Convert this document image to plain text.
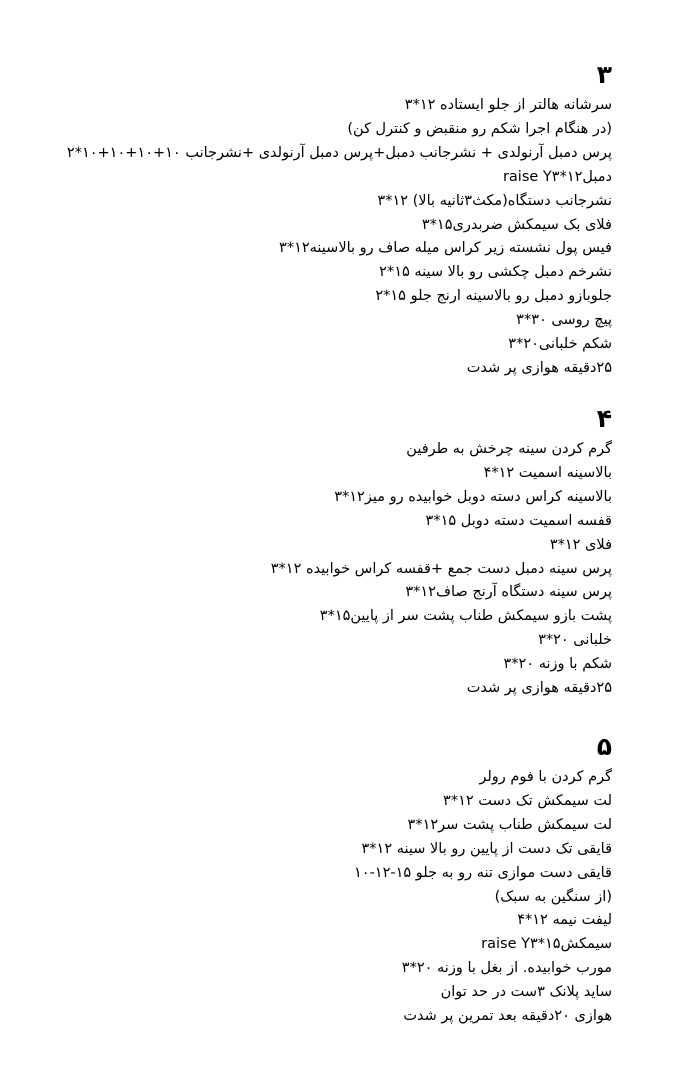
۳
سرشانه هالتر از جلو ایستاده ۱۲*۳
(در هنگام اجرا شکم رو منقبض و کنترل کن)
پرس دمبل آرنولدی + نشرجانب دمبل+پرس دمبل آرنولدی +نشرجانب ۱۰+۱۰+۱۰+۱۰*۲
raise Yدمبل۱۲*۳
نشرجانب دستگاه(مکث۳ثانیه بالا) ۱۲*۳
فلای بک سیمکش ضربدری۱۵*۳
فیس پول نشسته زیر کراس میله صاف رو بالاسینه۱۲*۳
نشرخم دمبل چکشی رو بالا سینه ۱۵*۲
جلوبازو دمبل رو بالاسینه ارنج جلو ۱۵*۲
پیچ روسی ۳۰*۳
شکم خلبانی۲۰*۳
۲۵دقیقه هوازی پر شدت
۴
گرم کردن سینه چرخش به طرفین
بالاسینه اسمیت ۱۲*۴
بالاسینه کراس دسته دوبل خوابیده رو میز۱۲*۳
قفسه اسمیت دسته دوبل ۱۵*۳
فلای ۱۲*۳
پرس سینه دمبل دست جمع +قفسه کراس خوابیده ۱۲*۳
پرس سینه دستگاه آرنج صاف۱۲*۳
پشت بازو سیمکش طناب پشت سر از پایین۱۵*۳
خلبانی ۲۰*۳
شکم با وزنه ۲۰*۳
۲۵دقیقه هوازی پر شدت
۵
گرم کردن با فوم رولر
لت سیمکش تک دست ۱۲*۳
لت سیمکش طناب پشت سر۱۲*۳
قایقی تک دست از پایین رو بالا سینه ۱۲*۳
قایقی دست موازی تنه رو به جلو ۱۵-۱۲-۱۰
(از سنگین به سبک)
لیفت نیمه ۱۲*۴
raise Yسیمکش۱۵*۳
مورب خوابیده. از بغل با وزنه ۲۰*۳
ساید پلانک ۳ست در حد توان
هوازی ۲۰دقیقه بعد تمرین پر شدت
